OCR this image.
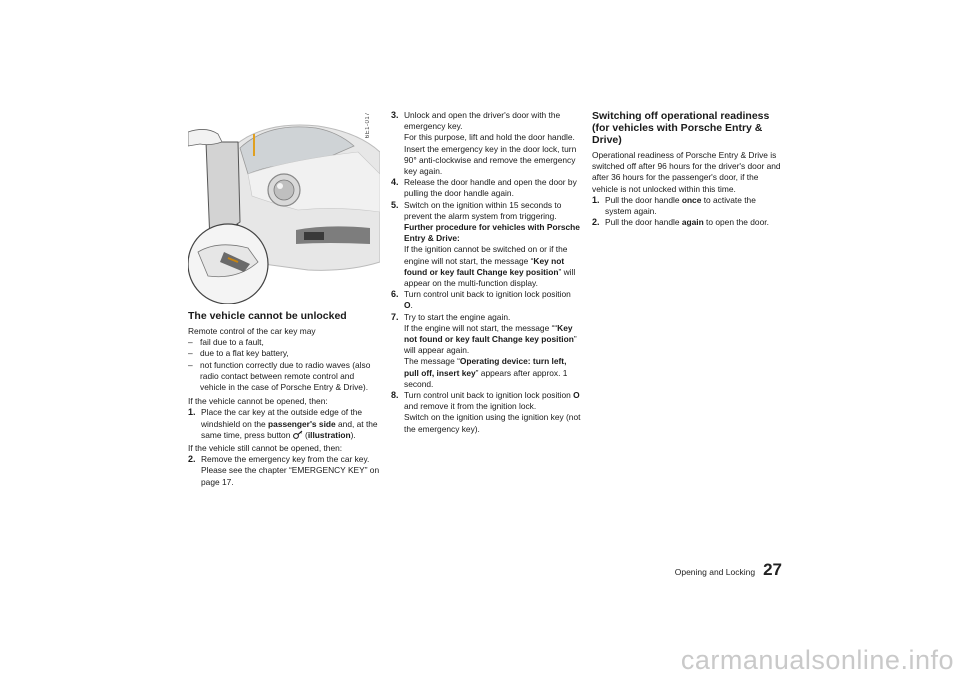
6E1-017

The vehicle cannot be unlocked

Remote control of the car key may

– fail due to a fault,

– due to a flat key battery,

– not function correctly due to radio waves (also radio contact between remote control and vehicle in the case of Porsche Entry & Drive).

If the vehicle cannot be opened, then:

1. Place the car key at the outside edge of the windshield on the passenger's side and, at the same time, press button  (illustration).

If the vehicle still cannot be opened, then:

2. Remove the emergency key from the car key. Please see the chapter “EMERGENCY KEY” on page 17.

3. Unlock and open the driver's door with the emergency key.
For this purpose, lift and hold the door handle. Insert the emergency key in the door lock, turn 90° anti-clockwise and remove the emergency key again.

4. Release the door handle and open the door by pulling the door handle again.

5. Switch on the ignition within 15 seconds to prevent the alarm system from triggering.
Further procedure for vehicles with Porsche Entry & Drive:
If the ignition cannot be switched on or if the engine will not start, the message “Key not found or key fault Change key position” will appear on the multi-function display.

6. Turn control unit back to ignition lock position O.

7. Try to start the engine again.
If the engine will not start, the message ““Key not found or key fault Change key position” will appear again.
The message “Operating device: turn left, pull off, insert key” appears after approx. 1 second.

8. Turn control unit back to ignition lock position O and remove it from the ignition lock.
Switch on the ignition using the ignition key (not the emergency key).

Switching off operational readiness
(for vehicles with Porsche Entry & Drive)

Operational readiness of Porsche Entry & Drive is switched off after 96 hours for the driver's door and after 36 hours for the passenger's door, if the vehicle is not unlocked within this time.

1. Pull the door handle once to activate the system again.

2. Pull the door handle again to open the door.

Opening and Locking 27
carmanualsonline.info
